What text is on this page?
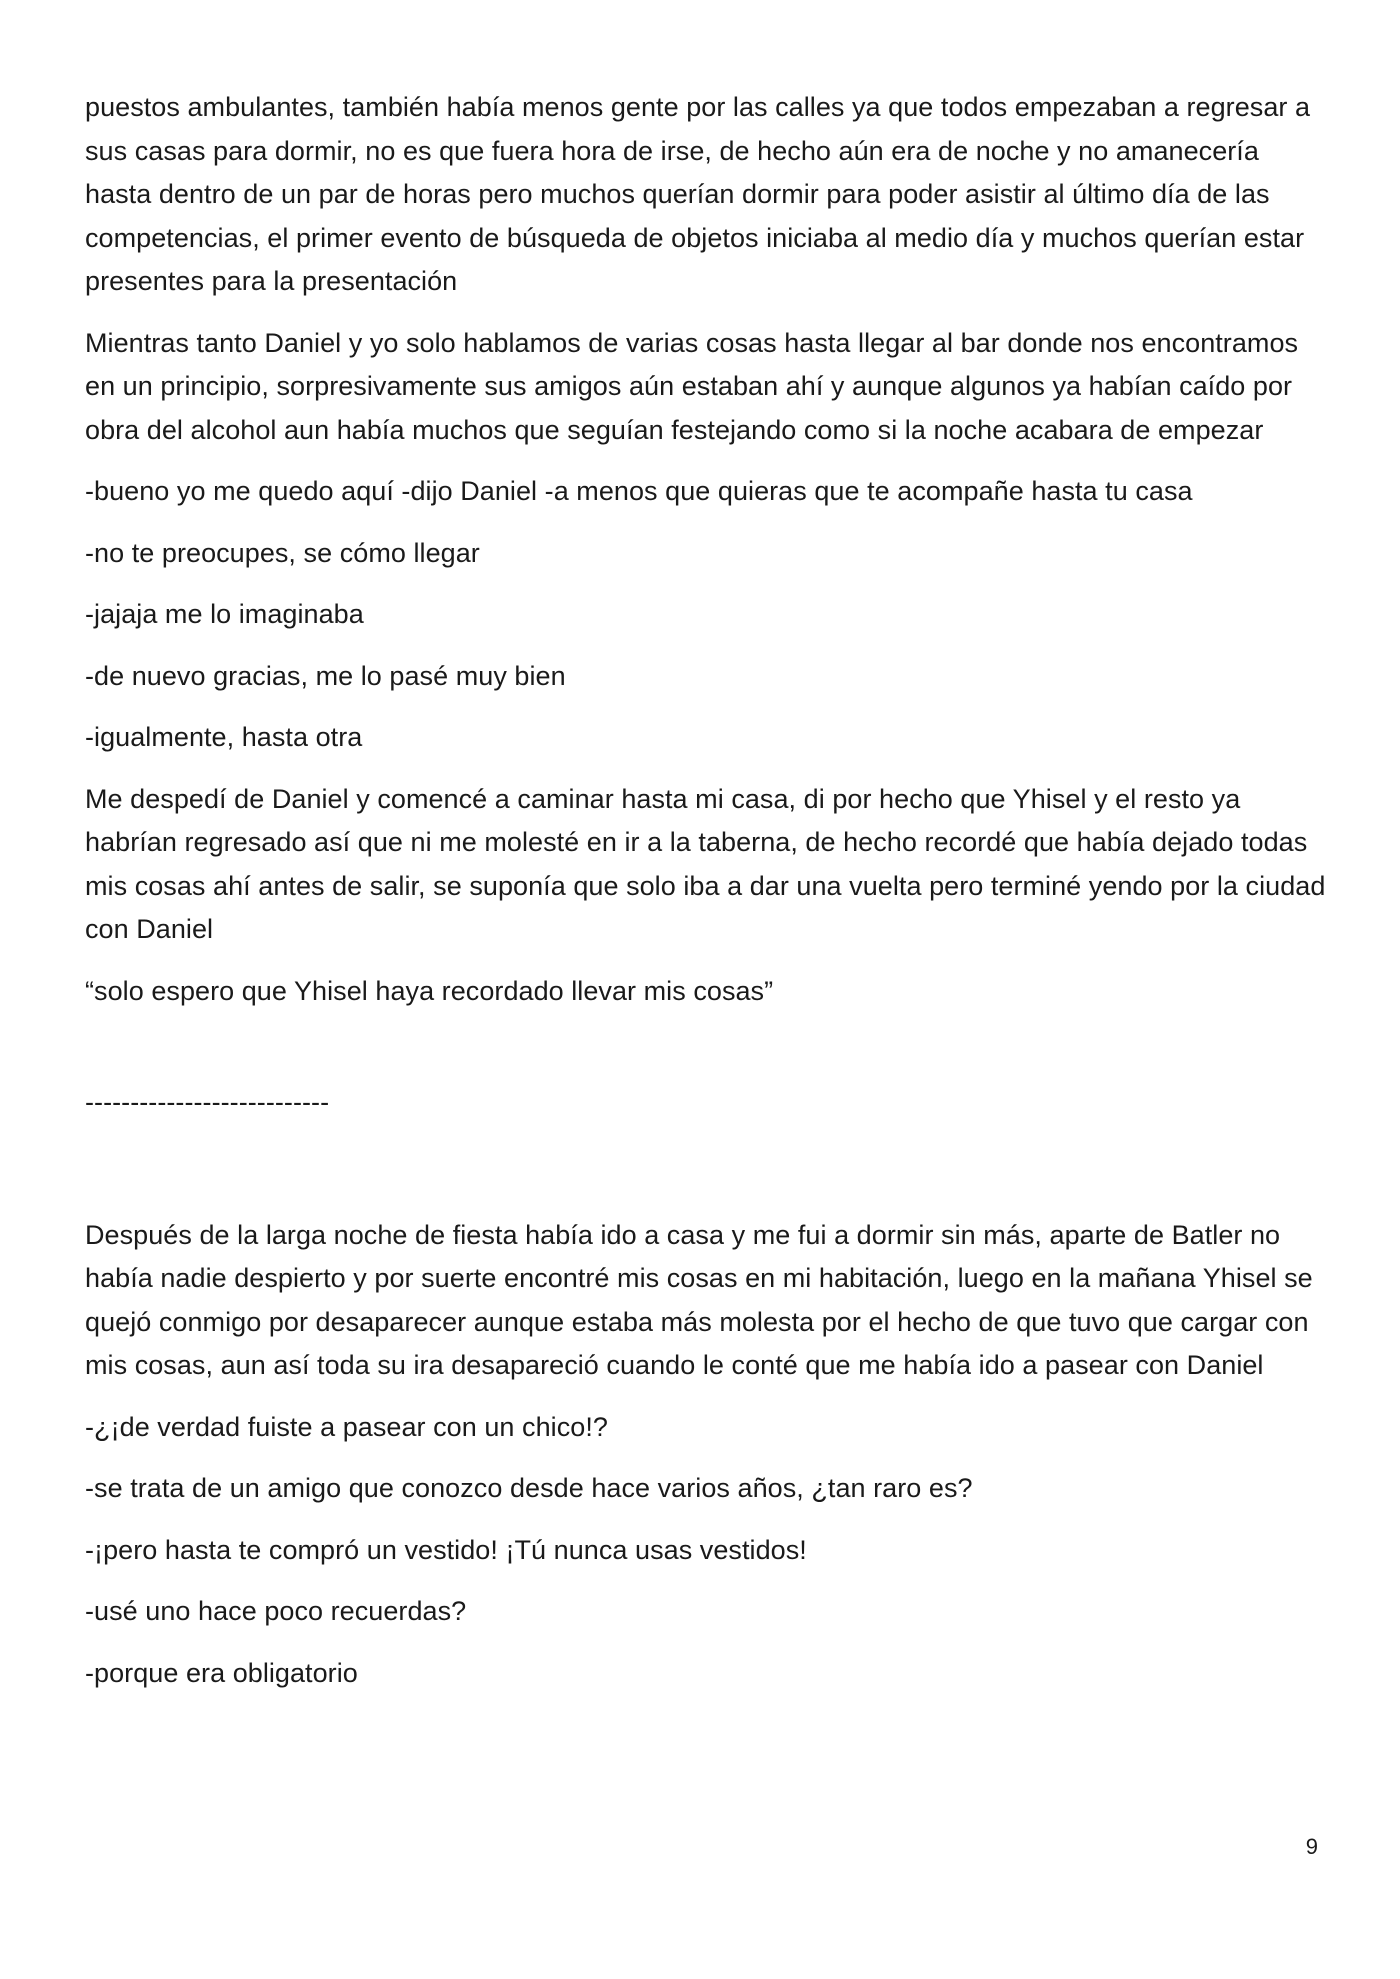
puestos ambulantes, también había menos gente por las calles ya que todos empezaban a regresar a sus casas para dormir, no es que fuera hora de irse, de hecho aún era de noche y no amanecería hasta dentro de un par de horas pero muchos querían dormir para poder asistir al último día de las competencias, el primer evento de búsqueda de objetos iniciaba al medio día y muchos querían estar presentes para la presentación

Mientras tanto Daniel y yo solo hablamos de varias cosas hasta llegar al bar donde nos encontramos en un principio, sorpresivamente sus amigos aún estaban ahí y aunque algunos ya habían caído por obra del alcohol aun había muchos que seguían festejando como si la noche acabara de empezar

-bueno yo me quedo aquí -dijo Daniel -a menos que quieras que te acompañe hasta tu casa

-no te preocupes, se cómo llegar

-jajaja me lo imaginaba

-de nuevo gracias, me lo pasé muy bien

-igualmente, hasta otra

Me despedí de Daniel y comencé a caminar hasta mi casa, di por hecho que Yhisel y el resto ya habrían regresado así que ni me molesté en ir a la taberna, de hecho recordé que había dejado todas mis cosas ahí antes de salir, se suponía que solo iba a dar una vuelta pero terminé yendo por la ciudad con Daniel

“solo espero que Yhisel haya recordado llevar mis cosas”

---------------------------

Después de la larga noche de fiesta había ido a casa y me fui a dormir sin más, aparte de Batler no había nadie despierto y por suerte encontré mis cosas en mi habitación, luego en la mañana Yhisel se quejó conmigo por desaparecer aunque estaba más molesta por el hecho de que tuvo que cargar con mis cosas, aun así toda su ira desapareció cuando le conté que me había ido a pasear con Daniel

-¿¡de verdad fuiste a pasear con un chico!?

-se trata de un amigo que conozco desde hace varios años, ¿tan raro es?

-¡pero hasta te compró un vestido! ¡Tú nunca usas vestidos!

-usé uno hace poco recuerdas?

-porque era obligatorio

9
